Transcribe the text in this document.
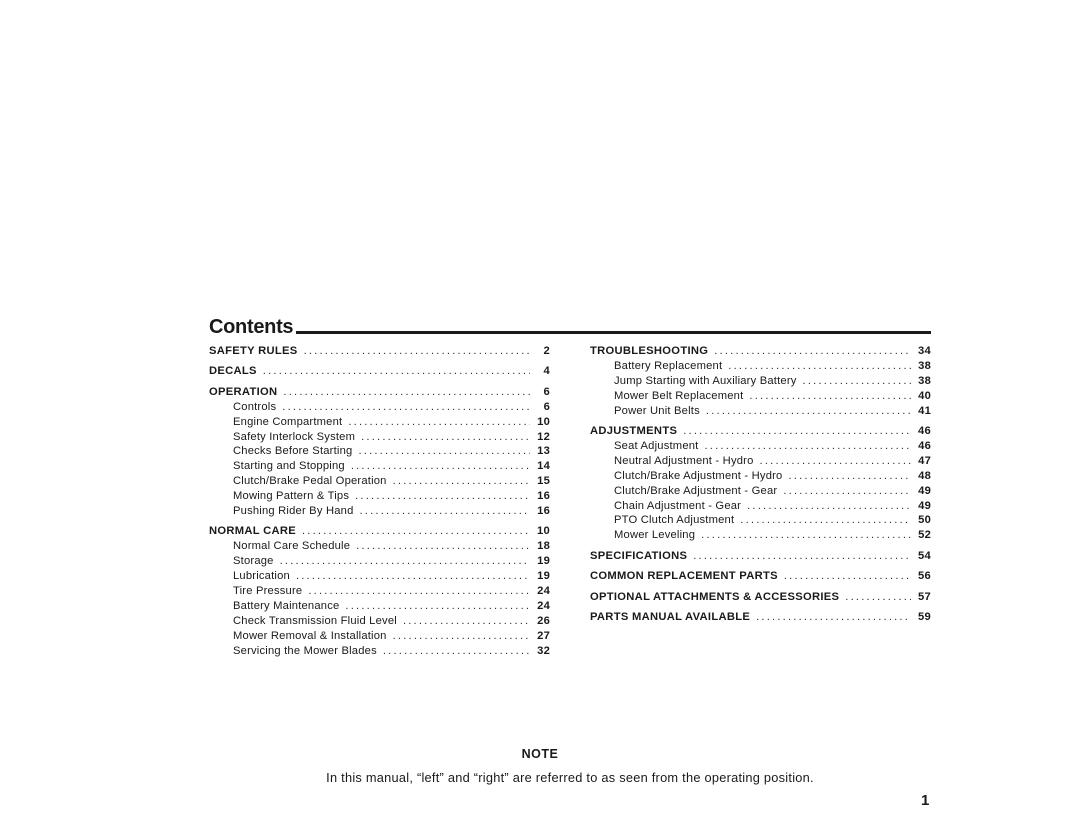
Contents
SAFETY RULES .....	2
DECALS .....	4
OPERATION .....	6
Controls .....	6
Engine Compartment .....	10
Safety Interlock System .....	12
Checks Before Starting .....	13
Starting and Stopping .....	14
Clutch/Brake Pedal Operation .....	15
Mowing Pattern & Tips .....	16
Pushing Rider By Hand .....	16
NORMAL CARE .....	10
Normal Care Schedule .....	18
Storage .....	19
Lubrication .....	19
Tire Pressure .....	24
Battery Maintenance .....	24
Check Transmission Fluid Level .....	26
Mower Removal & Installation .....	27
Servicing the Mower Blades .....	32
TROUBLESHOOTING .....	34
Battery Replacement .....	38
Jump Starting with Auxiliary Battery .....	38
Mower Belt Replacement .....	40
Power Unit Belts .....	41
ADJUSTMENTS .....	46
Seat Adjustment .....	46
Neutral Adjustment - Hydro .....	47
Clutch/Brake Adjustment - Hydro .....	48
Clutch/Brake Adjustment - Gear .....	49
Chain Adjustment - Gear .....	49
PTO Clutch Adjustment .....	50
Mower Leveling .....	52
SPECIFICATIONS .....	54
COMMON REPLACEMENT PARTS .....	56
OPTIONAL ATTACHMENTS & ACCESSORIES .....	57
PARTS MANUAL AVAILABLE .....	59
NOTE
In this manual, “left” and “right” are referred to as seen from the operating position.
1
